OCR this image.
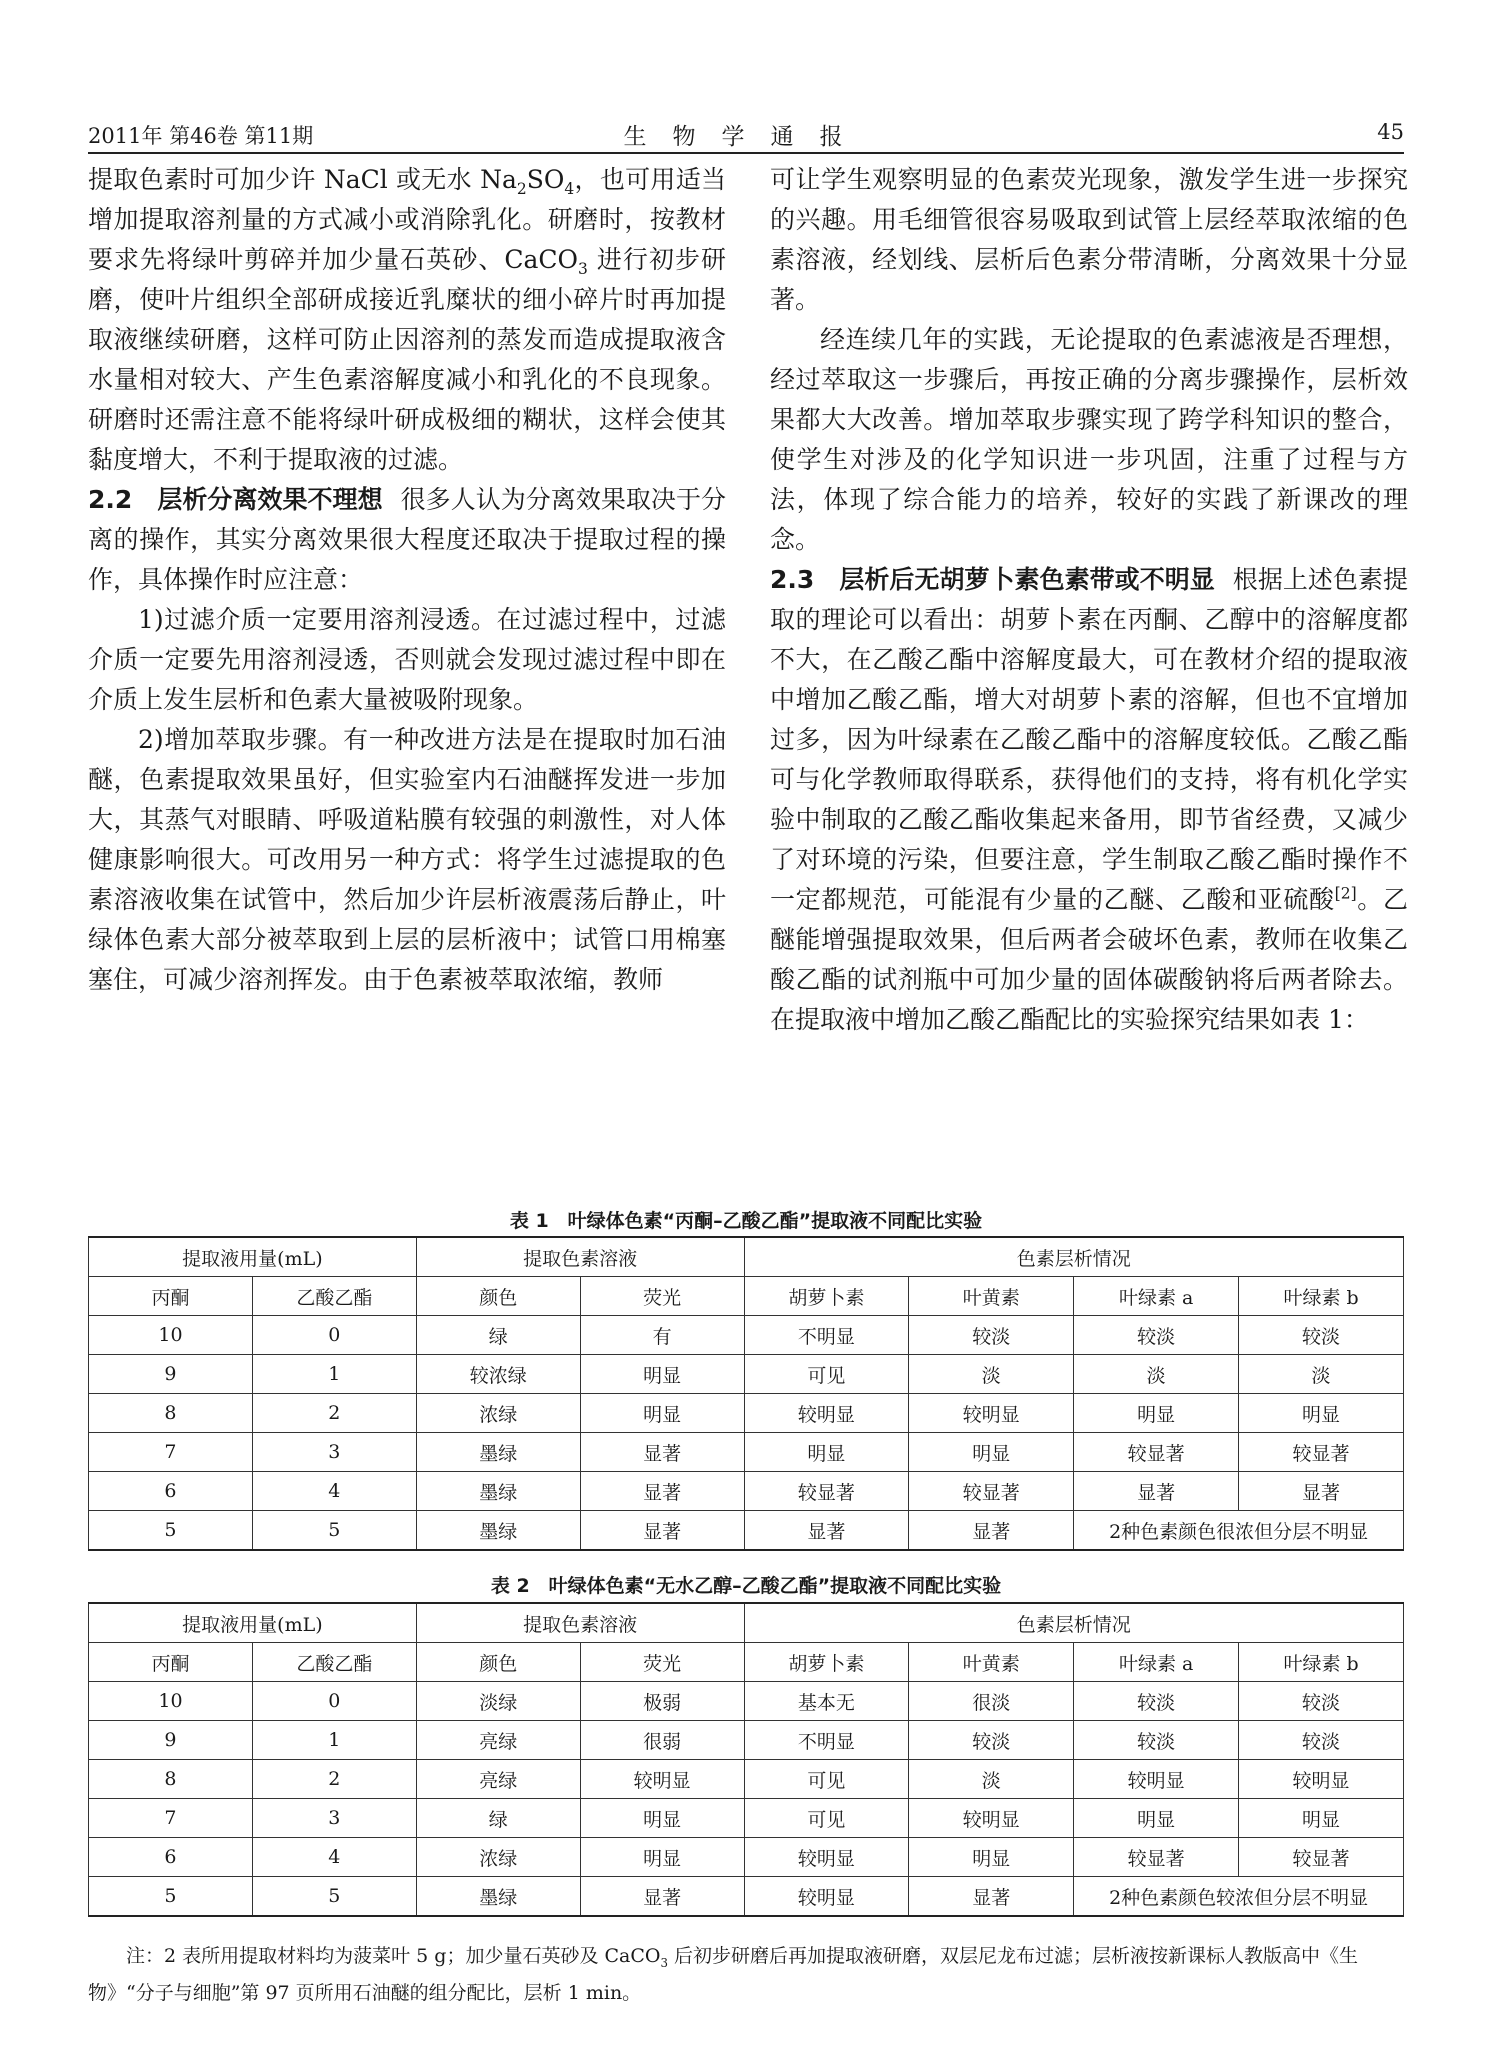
2011年 第46卷 第11期	生物学通报	45

提取色素时可加少许 NaCl 或无水 $Na_2SO_4$，也可用适当增加提取溶剂量的方式减小或消除乳化。研磨时，按教材要求先将绿叶剪碎并加少量石英砂、CaCO$_3$ 进行初步研磨，使叶片组织全部研成接近乳糜状的细小碎片时再加提取液继续研磨，这样可防止因溶剂的蒸发而造成提取液含水量相对较大、产生色素溶解度减小和乳化的不良现象。研磨时还需注意不能将绿叶研成极细的糊状，这样会使其黏度增大，不利于提取液的过滤。

2.2　 层析分离效果不理想 很多人认为分离效果取决于分离的操作，其实分离效果很大程度还取决于提取过程的操作，具体操作时应注意：

1)过滤介质一定要用溶剂浸透。在过滤过程中，过滤介质一定要先用溶剂浸透，否则就会发现过滤过程中即在介质上发生层析和色素大量被吸附现象。

2)增加萃取步骤。有一种改进方法是在提取时加石油醚，色素提取效果虽好，但实验室内石油醚挥发进一步加大，其蒸气对眼睛、呼吸道粘膜有较强的刺激性，对人体健康影响很大。可改用另一种方式：将学生过滤提取的色素溶液收集在试管中，然后加少许层析液震荡后静止，叶绿体色素大部分被萃取到上层的层析液中；试管口用棉塞塞住，可减少溶剂挥发。由于色素被萃取浓缩，教师

可让学生观察明显的色素荧光现象，激发学生进一步探究的兴趣。用毛细管很容易吸取到试管上层经萃取浓缩的色素溶液，经划线、层析后色素分带清晰，分离效果十分显著。

经连续几年的实践，无论提取的色素滤液是否理想，经过萃取这一步骤后，再按正确的分离步骤操作，层析效果都大大改善。增加萃取步骤实现了跨学科知识的整合，使学生对涉及的化学知识进一步巩固，注重了过程与方法，体现了综合能力的培养，较好的实践了新课改的理念。

2.3　 层析后无胡萝卜素色素带或不明显 根据上述色素提取的理论可以看出：胡萝卜素在丙酮、乙醇中的溶解度都不大，在乙酸乙酯中溶解度最大，可在教材介绍的提取液中增加乙酸乙酯，增大对胡萝卜素的溶解，但也不宜增加过多，因为叶绿素在乙酸乙酯中的溶解度较低。乙酸乙酯可与化学教师取得联系，获得他们的支持，将有机化学实验中制取的乙酸乙酯收集起来备用，即节省经费，又减少了对环境的污染，但要注意，学生制取乙酸乙酯时操作不一定都规范，可能混有少量的乙醚、乙酸和亚硫酸[2]。乙醚能增强提取效果，但后两者会破坏色素，教师在收集乙酸乙酯的试剂瓶中可加少量的固体碳酸钠将后两者除去。在提取液中增加乙酸乙酯配比的实验探究结果如表 1：

表 1　叶绿体色素“丙酮–乙酸乙酯”提取液不同配比实验
提取液用量(mL)		提取色素溶液		色素层析情况			
丙酮	乙酸乙酯	颜色	荧光	胡萝卜素	叶黄素	叶绿素 a	叶绿素 b
10	0	绿	有	不明显	较淡	较淡	较淡
9	1	较浓绿	明显	可见	淡	淡	淡
8	2	浓绿	明显	较明显	较明显	明显	明显
7	3	墨绿	显著	明显	明显	较显著	较显著
6	4	墨绿	显著	较显著	较显著	显著	显著
5	5	墨绿	显著	显著	显著	2种色素颜色很浓但分层不明显	
表 2　叶绿体色素“无水乙醇–乙酸乙酯”提取液不同配比实验
提取液用量(mL)		提取色素溶液		色素层析情况			
丙酮	乙酸乙酯	颜色	荧光	胡萝卜素	叶黄素	叶绿素 a	叶绿素 b
10	0	淡绿	极弱	基本无	很淡	较淡	较淡
9	1	亮绿	很弱	不明显	较淡	较淡	较淡
8	2	亮绿	较明显	可见	淡	较明显	较明显
7	3	绿	明显	可见	较明显	明显	明显
6	4	浓绿	明显	较明显	明显	较显著	较显著
5	5	墨绿	显著	较明显	显著	2种色素颜色较浓但分层不明显	
注：2 表所用提取材料均为菠菜叶 5 g；加少量石英砂及 CaCO$_3$ 后初步研磨后再加提取液研磨，双层尼龙布过滤；层析液按新课标人教版高中《生物》“分子与细胞”第 97 页所用石油醚的组分配比，层析 1 min。
